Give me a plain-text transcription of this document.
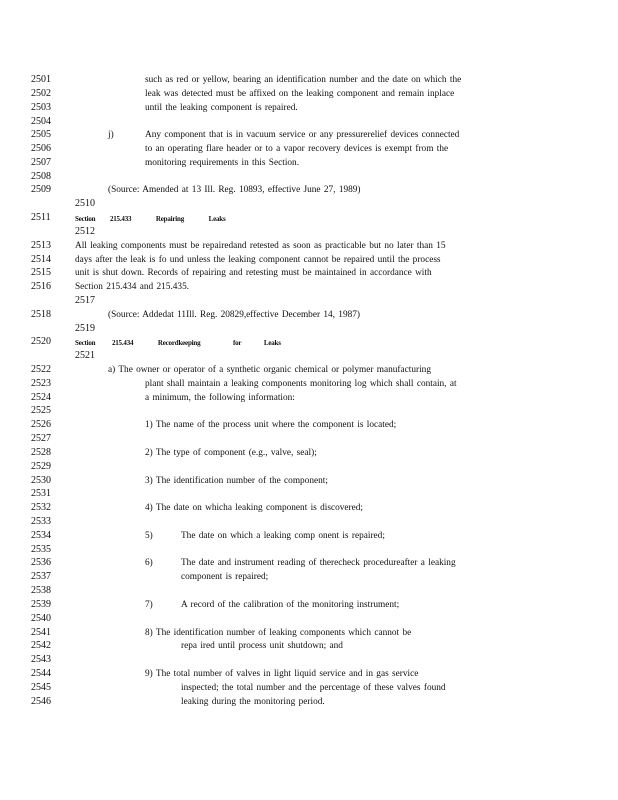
2501
2502
2503
2504
2505
2506
2507
2508
2509
2510
2511
2512
2513
2514
2515
2516
2517
2518
2519
2520
2521
2522
2523
2524
2525
2526
2527
2528
2529
2530
2531
2532
2533
2534
2535
2536
2537
2538
2539
2540
2541
2542
2543
2544
2545
2546
such as red or yellow, bearing an identification number and the date on which the
leak was detected must be affixed on the leaking component and remain inplace
until the leaking component is repaired.
j)	Any component that is in vacuum service or any pressurerelief devices connected
to an operating flare header or to a vapor recovery devices is exempt from the
monitoring requirements in this Section.
(Source: Amended at 13 Ill. Reg. 10893, effective June 27, 1989)
Section 215.433	Repairing	Leaks
All leaking components must be repairedand retested as soon as practicable but no later than 15
days after the leak is fo und unless the leaking component cannot be repaired until the process
unit is shut down. Records of repairing and retesting must be maintained in accordance with
Section 215.434 and 215.435.
(Source: Addedat 11Ill. Reg. 20829,effective December 14, 1987)
Section 215.434	Recordkeeping	for	Leaks
a) The owner or operator of a synthetic organic chemical or polymer manufacturing
plant shall maintain a leaking components monitoring log which shall contain, at
a minimum, the following information:
1) The name of the process unit where the component is located;
2) The type of component (e.g., valve, seal);
3) The identification number of the component;
4) The date on whicha leaking component is discovered;
5)	The date on which a leaking comp onent is repaired;
6)	The date and instrument reading of therecheck procedureafter a leaking
component is repaired;
7)	A record of the calibration of the monitoring instrument;
8) The identification number of leaking components which cannot be
repa ired until process unit shutdown; and
9) The total number of valves in light liquid service and in gas service
inspected; the total number and the percentage of these valves found
leaking during the monitoring period.
